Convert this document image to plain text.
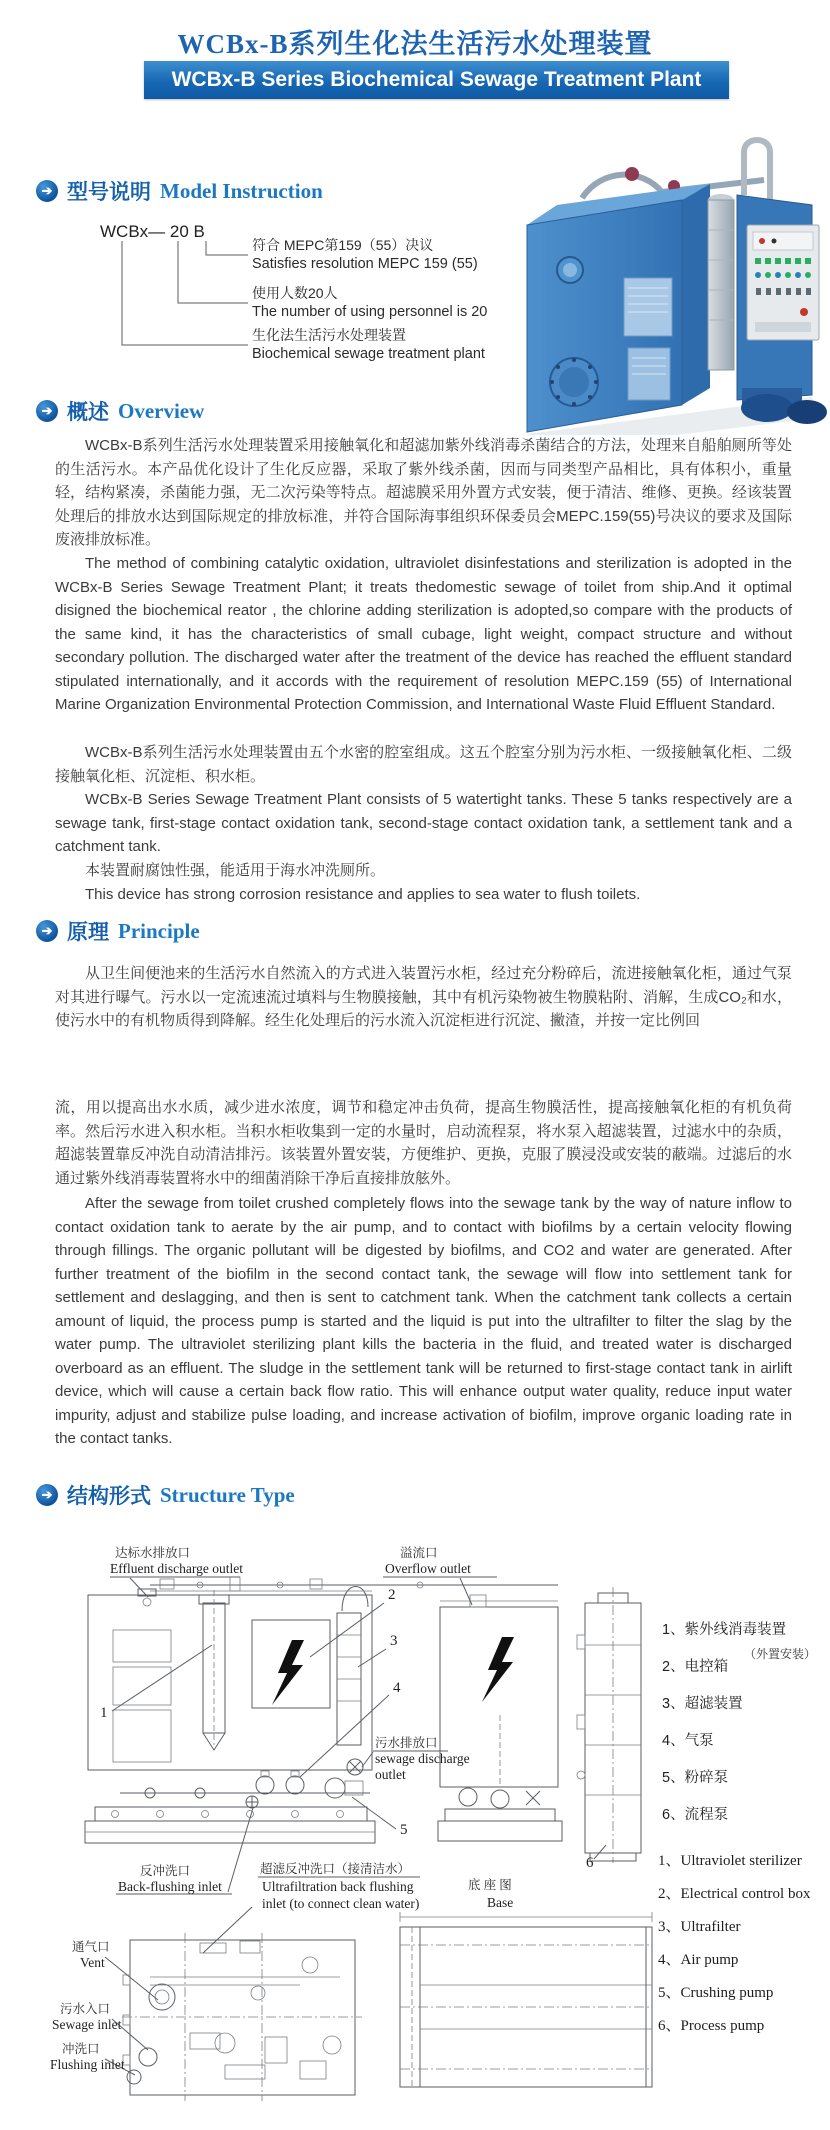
WCBx-B系列生化法生活污水处理装置
WCBx-B Series Biochemical Sewage Treatment Plant
➔ 型号说明 Model Instruction
➔ 概述 Overview
➔ 原理 Principle
➔ 结构形式 Structure Type
WCBx— 20 B
符合 MEPC第159（55）决议
Satisfies resolution MEPC 159 (55)
使用人数20人
The number of using personnel is 20
生化法生活污水处理装置
Biochemical sewage treatment plant
WCBx-B系列生活污水处理装置采用接触氧化和超滤加紫外线消毒杀菌结合的方法，处理来自船舶厕所等处的生活污水。本产品优化设计了生化反应器，采取了紫外线杀菌，因而与同类型产品相比，具有体积小，重量轻，结构紧凑，杀菌能力强，无二次污染等特点。超滤膜采用外置方式安装，便于清洁、维修、更换。经该装置处理后的排放水达到国际规定的排放标准，并符合国际海事组织环保委员会MEPC.159(55)号决议的要求及国际废液排放标准。
The method of combining catalytic oxidation, ultraviolet disinfestations and sterilization is adopted in the WCBx-B Series Sewage Treatment Plant; it treats thedomestic sewage of toilet from ship.And it optimal disigned the biochemical reator , the chlorine adding sterilization is adopted,so compare with the products of the same kind, it has the characteristics of small cubage, light weight, compact structure and without secondary pollution. The discharged water after the treatment of the device has reached the effluent standard stipulated internationally, and it accords with the requirement of resolution MEPC.159 (55) of International Marine Organization Environmental Protection Commission, and International Waste Fluid Effluent Standard.
WCBx-B系列生活污水处理装置由五个水密的腔室组成。这五个腔室分别为污水柜、一级接触氧化柜、二级接触氧化柜、沉淀柜、积水柜。
WCBx-B Series Sewage Treatment Plant consists of 5 watertight tanks. These 5 tanks respectively are a sewage tank, first-stage contact oxidation tank, second-stage contact oxidation tank, a settlement tank and a catchment tank.
本装置耐腐蚀性强，能适用于海水冲洗厕所。
This device has strong corrosion resistance and applies to sea water to flush toilets.
从卫生间便池来的生活污水自然流入的方式进入装置污水柜，经过充分粉碎后，流进接触氧化柜，通过气泵对其进行曝气。污水以一定流速流过填料与生物膜接触，其中有机污染物被生物膜粘附、消解，生成CO₂和水，使污水中的有机物质得到降解。经生化处理后的污水流入沉淀柜进行沉淀、撇渣，并按一定比例回
流，用以提高出水水质，减少进水浓度，调节和稳定冲击负荷，提高生物膜活性，提高接触氧化柜的有机负荷率。然后污水进入积水柜。当积水柜收集到一定的水量时，启动流程泵，将水泵入超滤装置，过滤水中的杂质，超滤装置靠反冲洗自动清洁排污。该装置外置安装，方便维护、更换，克服了膜浸没或安装的蔽端。过滤后的水通过紫外线消毒装置将水中的细菌消除干净后直接排放舷外。
After the sewage from toilet crushed completely flows into the sewage tank by the way of nature inflow to contact oxidation tank to aerate by the air pump, and to contact with biofilms by a certain velocity flowing through fillings. The organic pollutant will be digested by biofilms, and CO2 and water are generated. After further treatment of the biofilm in the second contact tank, the sewage will flow into settlement tank for settlement and deslagging, and then is sent to catchment tank. When the catchment tank collects a certain amount of liquid, the process pump is started and the liquid is put into the ultrafilter to filter the slag by the water pump. The ultraviolet sterilizing plant kills the bacteria in the fluid, and treated water is discharged overboard as an effluent. The sludge in the settlement tank will be returned to first-stage contact tank in airlift device, which will cause a certain back flow ratio. This will enhance output water quality, reduce input water impurity, adjust and stabilize pulse loading, and increase activation of biofilm, improve organic loading rate in the contact tanks.
1
2
3
4
5
6
达标水排放口
Effluent discharge outlet
溢流口
Overflow outlet
污水排放口
sewage discharge
outlet
反冲洗口
Back-flushing inlet
超滤反冲洗口（接清洁水）
Ultrafiltration back flushing
inlet (to connect clean water)
底 座 图
Base
通气口
Vent
污水入口
Sewage inlet
冲洗口
Flushing inlet
1、紫外线消毒装置
2、电控箱
3、超滤装置
4、气泵
5、粉碎泵
6、流程泵
（外置安装）
1、Ultraviolet sterilizer
2、Electrical control box
3、Ultrafilter
4、Air pump
5、Crushing pump
6、Process pump
